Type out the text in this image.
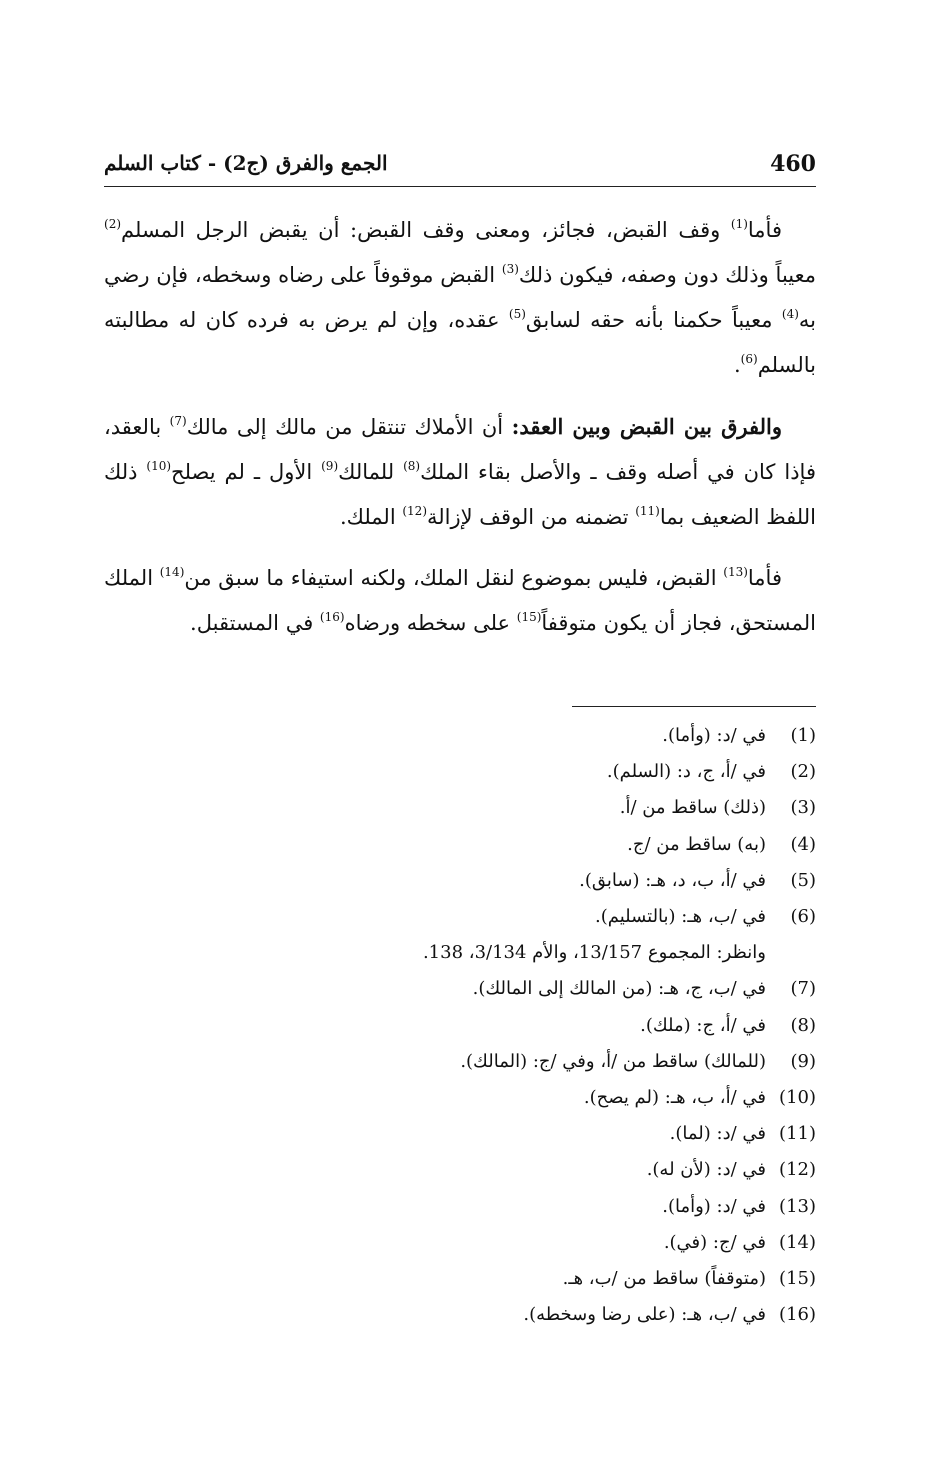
460
الجمع والفرق (ج2) - كتاب السلم

فأما$^{(1)}$ وقف القبض، فجائز، ومعنى وقف القبض: أن يقبض الرجل المسلم$^{(2)}$ معيباً وذلك دون وصفه، فيكون ذلك$^{(3)}$ القبض موقوفاً على رضاه وسخطه، فإن رضي به$^{(4)}$ معيباً حكمنا بأنه حقه لسابق$^{(5)}$ عقده، وإن لم يرض به فرده كان له مطالبته بالسلم$^{(6)}$.

والفرق بين القبض وبين العقد: أن الأملاك تنتقل من مالك إلى مالك$^{(7)}$ بالعقد، فإذا كان في أصله وقف ـ والأصل بقاء الملك$^{(8)}$ للمالك$^{(9)}$ الأول ـ لم يصلح$^{(10)}$ ذلك اللفظ الضعيف بما$^{(11)}$ تضمنه من الوقف لإزالة$^{(12)}$ الملك.

فأما$^{(13)}$ القبض، فليس بموضوع لنقل الملك، ولكنه استيفاء ما سبق من$^{(14)}$ الملك المستحق، فجاز أن يكون متوقفاً$^{(15)}$ على سخطه ورضاه$^{(16)}$ في المستقبل.

(1)
في /د: (وأما).
(2)
في /أ، ج، د: (السلم).
(3)
(ذلك) ساقط من /أ.
(4)
(به) ساقط من /ج.
(5)
في /أ، ب، د، هـ: (سابق).
(6)
في /ب، هـ: (بالتسليم).
وانظر: المجموع 13/157، والأم 3/134، 138.
(7)
في /ب، ج، هـ: (من المالك إلى المالك).
(8)
في /أ، ج: (ملك).
(9)
(للمالك) ساقط من /أ، وفي /ج: (المالك).
(10)
في /أ، ب، هـ: (لم يصح).
(11)
في /د: (لما).
(12)
في /د: (لأن له).
(13)
في /د: (وأما).
(14)
في /ج: (في).
(15)
(متوقفاً) ساقط من /ب، هـ.
(16)
في /ب، هـ: (على رضا وسخطه).
